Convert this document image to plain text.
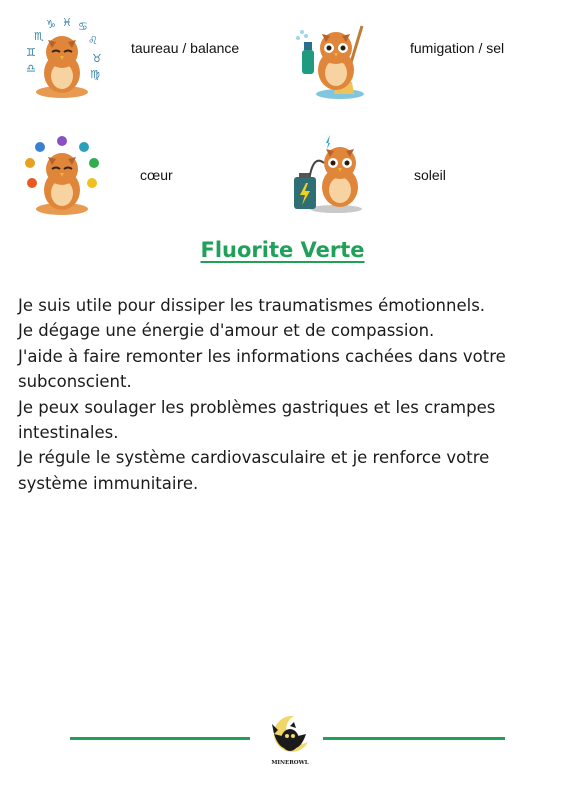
♏
♑ ♓ ♋
♌
♊	♉
♎	♍
taureau / balance	fumigation / sel
cœur	soleil
Fluorite Verte

Je suis utile pour dissiper les traumatismes émotionnels.

Je dégage une énergie d'amour et de compassion.

J'aide à faire remonter les informations cachées dans votre subconscient.

Je peux soulager les problèmes gastriques et les crampes intestinales.

Je régule le système cardiovasculaire et je renforce votre système immunitaire.

MINEROWL
